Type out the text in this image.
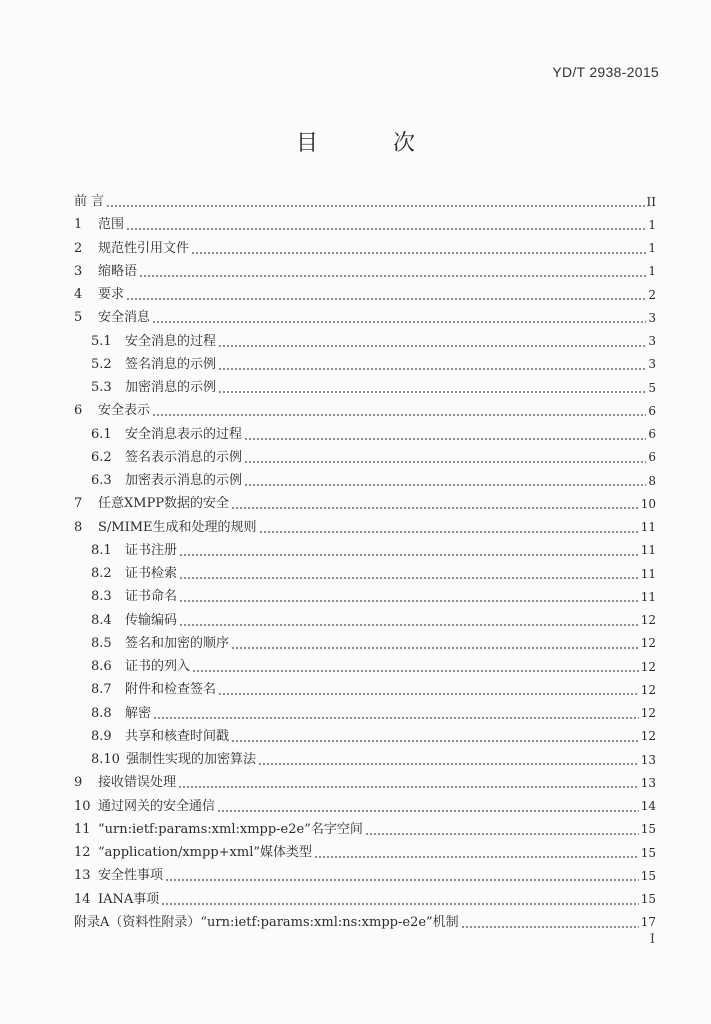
YD/T 2938-2015
目 次
前 言	II
1	范围	1
2	规范性引用文件	1
3	缩略语	1
4	要求	2
5	安全消息	3
5.1	安全消息的过程	3
5.2	签名消息的示例	3
5.3	加密消息的示例	5
6	安全表示	6
6.1	安全消息表示的过程	6
6.2	签名表示消息的示例	6
6.3	加密表示消息的示例	8
7	任意XMPP数据的安全	10
8	S/MIME生成和处理的规则	11
8.1	证书注册	11
8.2	证书检索	11
8.3	证书命名	11
8.4	传输编码	12
8.5	签名和加密的顺序	12
8.6	证书的列入	12
8.7	附件和检查签名	12
8.8	解密	12
8.9	共享和核查时间戳	12
8.10 强制性实现的加密算法	13
9	接收错误处理	13
10 通过网关的安全通信	14
11 “urn:ietf:params:xml:xmpp-e2e”名字空间	15
12 “application/xmpp+xml”媒体类型	15
13 安全性事项	15
14 IANA事项	15
附录A（资料性附录）“urn:ietf:params:xml:ns:xmpp-e2e”机制	17
I
